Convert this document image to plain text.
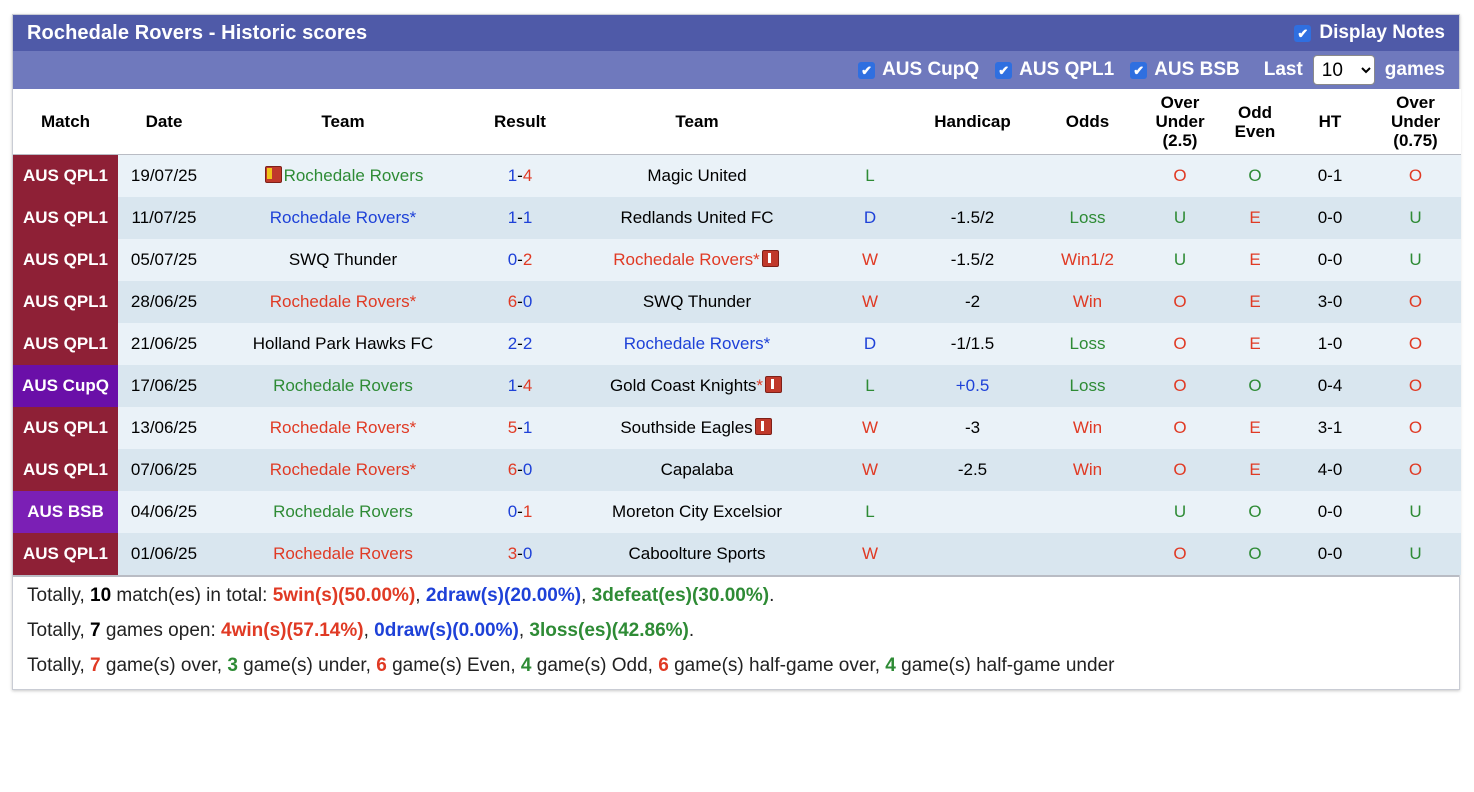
Rochedale Rovers - Historic scores	✔ Display Notes
✔ AUS CupQ ✔ AUS QPL1 ✔ AUS BSB Last
10	games
Match	Date	Team	Result	Team		Handicap	Odds	Over Under (2.5)	Odd Even	HT	Over Under (0.75)
AUS QPL1	19/07/25	Rochedale Rovers	1-4	Magic United	L			O	O	0-1	O
AUS QPL1	11/07/25	Rochedale Rovers*	1-1	Redlands United FC	D	-1.5/2	Loss	U	E	0-0	U
AUS QPL1	05/07/25	SWQ Thunder	0-2	Rochedale Rovers*	W	-1.5/2	Win1/2	U	E	0-0	U
AUS QPL1	28/06/25	Rochedale Rovers*	6-0	SWQ Thunder	W	-2	Win	O	E	3-0	O
AUS QPL1	21/06/25	Holland Park Hawks FC	2-2	Rochedale Rovers*	D	-1/1.5	Loss	O	E	1-0	O
AUS CupQ	17/06/25	Rochedale Rovers	1-4	Gold Coast Knights*	L	+0.5	Loss	O	O	0-4	O
AUS QPL1	13/06/25	Rochedale Rovers*	5-1	Southside Eagles	W	-3	Win	O	E	3-1	O
AUS QPL1	07/06/25	Rochedale Rovers*	6-0	Capalaba	W	-2.5	Win	O	E	4-0	O
AUS BSB	04/06/25	Rochedale Rovers	0-1	Moreton City Excelsior	L			U	O	0-0	U
AUS QPL1	01/06/25	Rochedale Rovers	3-0	Caboolture Sports	W			O	O	0-0	U

Totally, 10 match(es) in total: 5win(s)(50.00%), 2draw(s)(20.00%), 3defeat(es)(30.00%).

Totally, 7 games open: 4win(s)(57.14%), 0draw(s)(0.00%), 3loss(es)(42.86%).

Totally, 7 game(s) over, 3 game(s) under, 6 game(s) Even, 4 game(s) Odd, 6 game(s) half-game over, 4 game(s) half-game under
